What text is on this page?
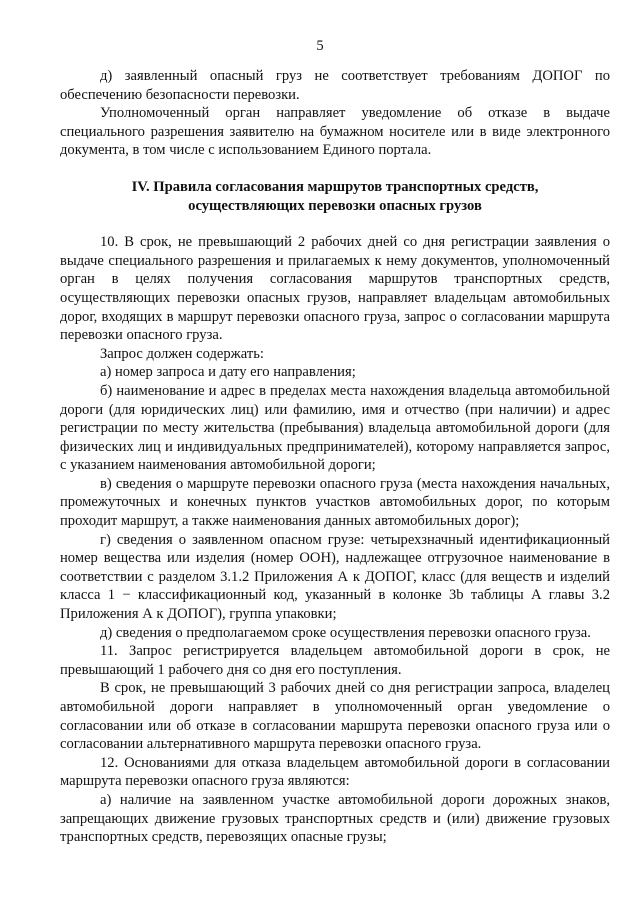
5

д) заявленный опасный груз не соответствует требованиям ДОПОГ по обеспечению безопасности перевозки.

Уполномоченный орган направляет уведомление об отказе в выдаче специального разрешения заявителю на бумажном носителе или в виде электронного документа, в том числе с использованием Единого портала.

IV. Правила согласования маршрутов транспортных средств,

осуществляющих перевозки опасных грузов

10. В срок, не превышающий 2 рабочих дней со дня регистрации заявления о выдаче специального разрешения и прилагаемых к нему документов, уполномоченный орган в целях получения согласования маршрутов транспортных средств, осуществляющих перевозки опасных грузов, направляет владельцам автомобильных дорог, входящих в маршрут перевозки опасного груза, запрос о согласовании маршрута перевозки опасного груза.

Запрос должен содержать:

а) номер запроса и дату его направления;

б) наименование и адрес в пределах места нахождения владельца автомобильной дороги (для юридических лиц) или фамилию, имя и отчество (при наличии) и адрес регистрации по месту жительства (пребывания) владельца автомобильной дороги (для физических лиц и индивидуальных предпринимателей), которому направляется запрос, с указанием наименования автомобильной дороги;

в) сведения о маршруте перевозки опасного груза (места нахождения начальных, промежуточных и конечных пунктов участков автомобильных дорог, по которым проходит маршрут, а также наименования данных автомобильных дорог);

г) сведения о заявленном опасном грузе: четырехзначный идентификационный номер вещества или изделия (номер ООН), надлежащее отгрузочное наименование в соответствии с разделом 3.1.2 Приложения А к ДОПОГ, класс (для веществ и изделий класса 1 − классификационный код, указанный в колонке 3b таблицы А главы 3.2 Приложения А к ДОПОГ), группа упаковки;

д) сведения о предполагаемом сроке осуществления перевозки опасного груза.

11. Запрос регистрируется владельцем автомобильной дороги в срок, не превышающий 1 рабочего дня со дня его поступления.

В срок, не превышающий 3 рабочих дней со дня регистрации запроса, владелец автомобильной дороги направляет в уполномоченный орган уведомление о согласовании или об отказе в согласовании маршрута перевозки опасного груза или о согласовании альтернативного маршрута перевозки опасного груза.

12. Основаниями для отказа владельцем автомобильной дороги в согласовании маршрута перевозки опасного груза являются:

а) наличие на заявленном участке автомобильной дороги дорожных знаков, запрещающих движение грузовых транспортных средств и (или) движение грузовых транспортных средств, перевозящих опасные грузы;
